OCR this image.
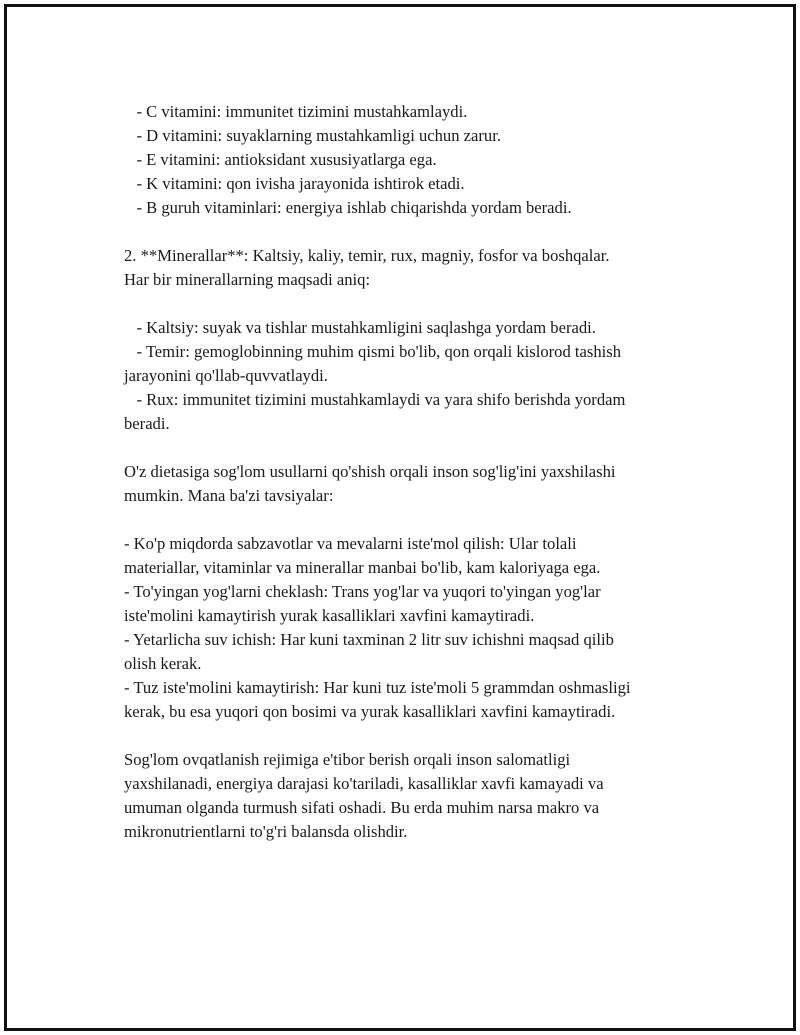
- C vitamini: immunitet tizimini mustahkamlaydi.
- D vitamini: suyaklarning mustahkamligi uchun zarur.
- E vitamini: antioksidant xususiyatlarga ega.
- K vitamini: qon ivisha jarayonida ishtirok etadi.
- B guruh vitaminlari: energiya ishlab chiqarishda yordam beradi.
2. **Minerallar**: Kaltsiy, kaliy, temir, rux, magniy, fosfor va boshqalar.
Har bir minerallarning maqsadi aniq:
- Kaltsiy: suyak va tishlar mustahkamligini saqlashga yordam beradi.
- Temir: gemoglobinning muhim qismi bo'lib, qon orqali kislorod tashish
jarayonini qo'llab-quvvatlaydi.
- Rux: immunitet tizimini mustahkamlaydi va yara shifo berishda yordam
beradi.
O'z dietasiga sog'lom usullarni qo'shish orqali inson sog'lig'ini yaxshilashi
mumkin. Mana ba'zi tavsiyalar:
- Ko'p miqdorda sabzavotlar va mevalarni iste'mol qilish: Ular tolali
materiallar, vitaminlar va minerallar manbai bo'lib, kam kaloriyaga ega.
- To'yingan yog'larni cheklash: Trans yog'lar va yuqori to'yingan yog'lar
iste'molini kamaytirish yurak kasalliklari xavfini kamaytiradi.
- Yetarlicha suv ichish: Har kuni taxminan 2 litr suv ichishni maqsad qilib
olish kerak.
- Tuz iste'molini kamaytirish: Har kuni tuz iste'moli 5 grammdan oshmasligi
kerak, bu esa yuqori qon bosimi va yurak kasalliklari xavfini kamaytiradi.
Sog'lom ovqatlanish rejimiga e'tibor berish orqali inson salomatligi
yaxshilanadi, energiya darajasi ko'tariladi, kasalliklar xavfi kamayadi va
umuman olganda turmush sifati oshadi. Bu erda muhim narsa makro va
mikronutrientlarni to'g'ri balansda olishdir.
